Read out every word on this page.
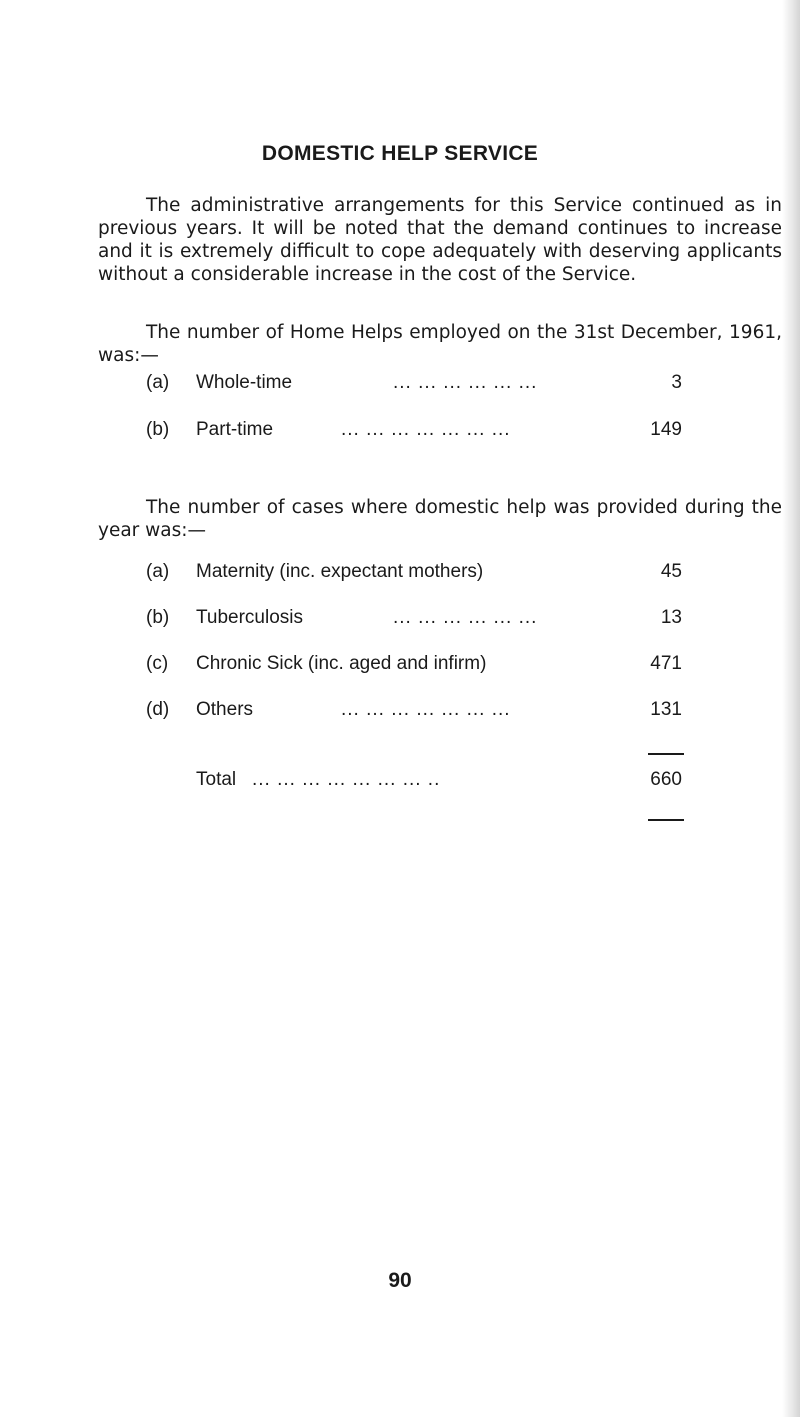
DOMESTIC HELP SERVICE

The administrative arrangements for this Service continued as in previous years. It will be noted that the demand continues to increase and it is extremely difficult to cope adequately with deserving applicants without a considerable increase in the cost of the Service.

The number of Home Helps employed on the 31st December, 1961, was:—

(a) Whole-time	... ... ... ... ... ...	3
(b) Part-time	... ... ... ... ... ... ...	149

The number of cases where domestic help was provided during the year was:—

(a) Maternity (inc. expectant mothers)	45
(b) Tuberculosis	... ... ... ... ... ...	13
(c) Chronic Sick (inc. aged and infirm)	471
(d) Others	... ... ... ... ... ... ...	131
Total ... ... ... ... ... ... ... ..	660
90
